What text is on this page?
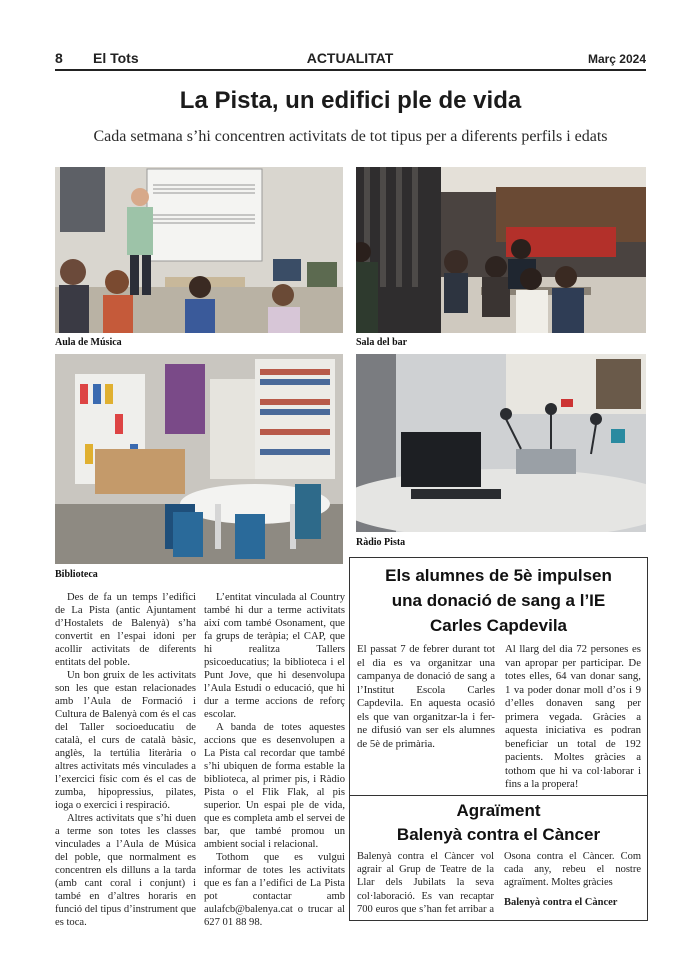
8 El Tots	ACTUALITAT	Març 2024
La Pista, un edifici ple de vida
Cada setmana s’hi concentren activitats de tot tipus per a diferents perfils i edats
Aula de Música	Sala del bar
Biblioteca
Ràdio Pista

Des de fa un temps l’edifici de La Pista (antic Ajuntament d’Hostalets de Balenyà) s’ha convertit en l’espai idoni per acollir activitats de diferents entitats del poble.

Un bon gruix de les activitats son les que estan relacionades amb l’Aula de Formació i Cultura de Balenyà com és el cas del Taller socioeducatiu de català, el curs de català bàsic, anglès, la tertúlia literària o altres activitats més vinculades a l’exercici físic com és el cas de zumba, hipopressius, pilates, ioga o exercici i respiració.

Altres activitats que s’hi duen a terme son totes les classes vinculades a l’Aula de Música del poble, que normalment es concentren els dilluns a la tarda (amb cant coral i conjunt) i també en d’altres horaris en funció del tipus d’instrument que es toca.

L’entitat vinculada al Country també hi dur a terme activitats així com també Osonament, que fa grups de teràpia; el CAP, que hi realitza Tallers psicoeducatius; la biblioteca i el Punt Jove, que hi desenvolupa l’Aula Estudi o educació, que hi dur a terme accions de reforç escolar.

A banda de totes aquestes accions que es desenvolupen a La Pista cal recordar que també s’hi ubiquen de forma estable la biblioteca, al primer pis, i Ràdio Pista o el Flik Flak, al pis superior. Un espai ple de vida, que es completa amb el servei de bar, que també promou un ambient social i relacional.

Tothom que es vulgui informar de totes les activitats que es fan a l’edifici de La Pista pot contactar amb aulafcb@balenya.cat o trucar al 627 01 88 98.

Els alumnes de 5è impulsen una donació de sang a l’IE Carles Capdevila

El passat 7 de febrer durant tot el dia es va organitzar una campanya de donació de sang a l’Institut Escola Carles Capdevila. En aquesta ocasió els que van organitzar-la i fer-ne difusió van ser els alumnes de 5è de primària.

Al llarg del dia 72 persones es van apropar per participar. De totes elles, 64 van donar sang, 1 va poder donar moll d’os i 9 d’elles donaven sang per primera vegada. Gràcies a aquesta iniciativa es podran beneficiar un total de 192 pacients. Moltes gràcies a tothom que hi va col·laborar i fins a la propera!

Agraïment
Balenyà contra el Càncer

Balenyà contra el Càncer vol agrair al Grup de Teatre de la Llar dels Jubilats la seva col·laboració. Es van recaptar 700 euros que s’han fet arribar a Osona contra el Càncer. Com cada any, rebeu el nostre agraïment. Moltes gràcies

Balenyà contra el Càncer
